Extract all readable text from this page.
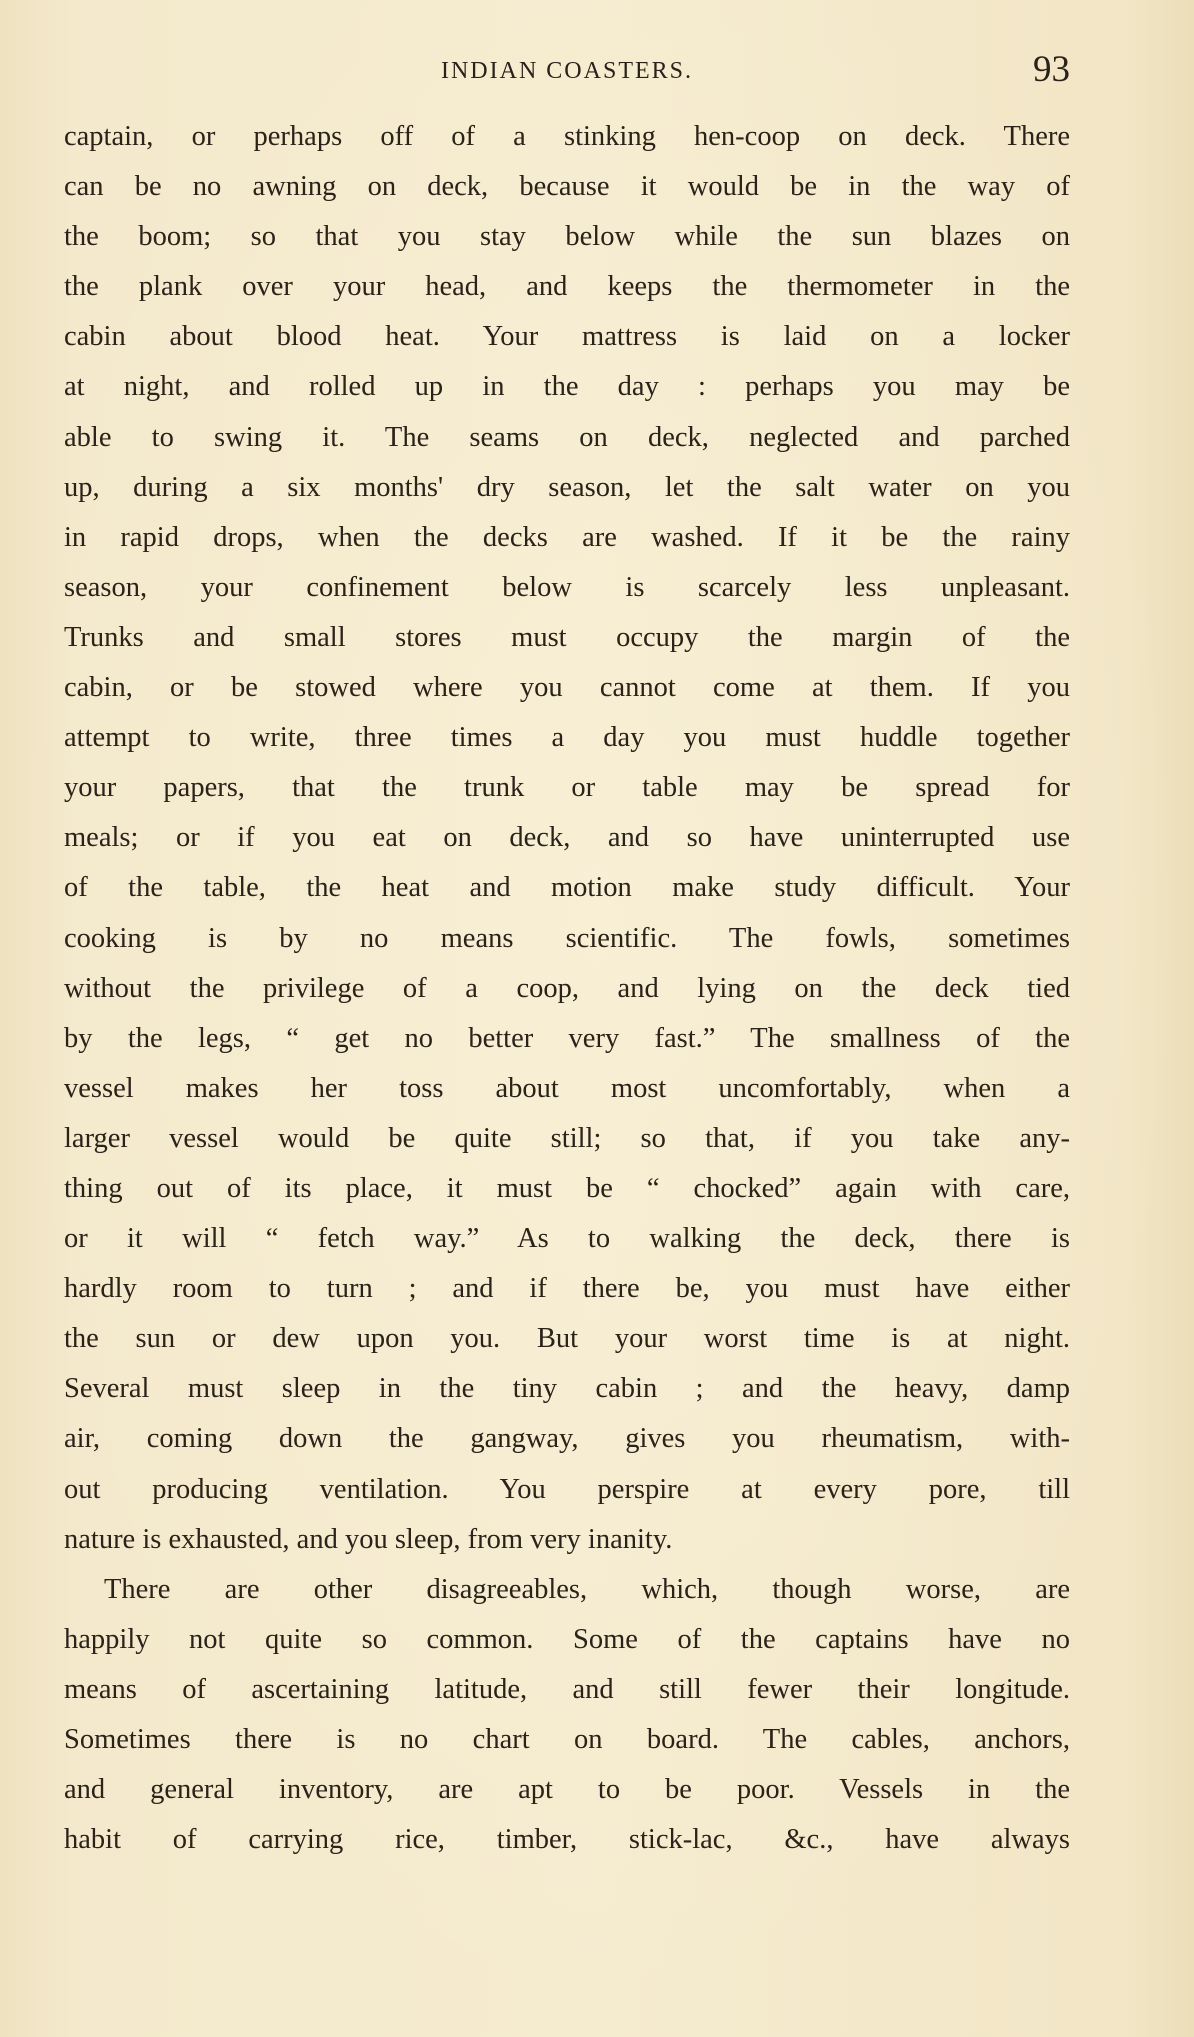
INDIAN COASTERS.	93
captain, or perhaps off of a stinking hen-coop on deck. There
can be no awning on deck, because it would be in the way of
the boom; so that you stay below while the sun blazes on
the plank over your head, and keeps the thermometer in the
cabin about blood heat. Your mattress is laid on a locker
at night, and rolled up in the day : perhaps you may be
able to swing it. The seams on deck, neglected and parched
up, during a six months' dry season, let the salt water on you
in rapid drops, when the decks are washed. If it be the rainy
season, your confinement below is scarcely less unpleasant.
Trunks and small stores must occupy the margin of the
cabin, or be stowed where you cannot come at them. If you
attempt to write, three times a day you must huddle together
your papers, that the trunk or table may be spread for
meals; or if you eat on deck, and so have uninterrupted use
of the table, the heat and motion make study difficult. Your
cooking is by no means scientific. The fowls, sometimes
without the privilege of a coop, and lying on the deck tied
by the legs, “ get no better very fast.” The smallness of the
vessel makes her toss about most uncomfortably, when a
larger vessel would be quite still; so that, if you take any-
thing out of its place, it must be “ chocked” again with care,
or it will “ fetch way.” As to walking the deck, there is
hardly room to turn ; and if there be, you must have either
the sun or dew upon you. But your worst time is at night.
Several must sleep in the tiny cabin ; and the heavy, damp
air, coming down the gangway, gives you rheumatism, with-
out producing ventilation. You perspire at every pore, till
nature is exhausted, and you sleep, from very inanity.
There are other disagreeables, which, though worse, are
happily not quite so common. Some of the captains have no
means of ascertaining latitude, and still fewer their longitude.
Sometimes there is no chart on board. The cables, anchors,
and general inventory, are apt to be poor. Vessels in the
habit of carrying rice, timber, stick-lac, &c., have always
